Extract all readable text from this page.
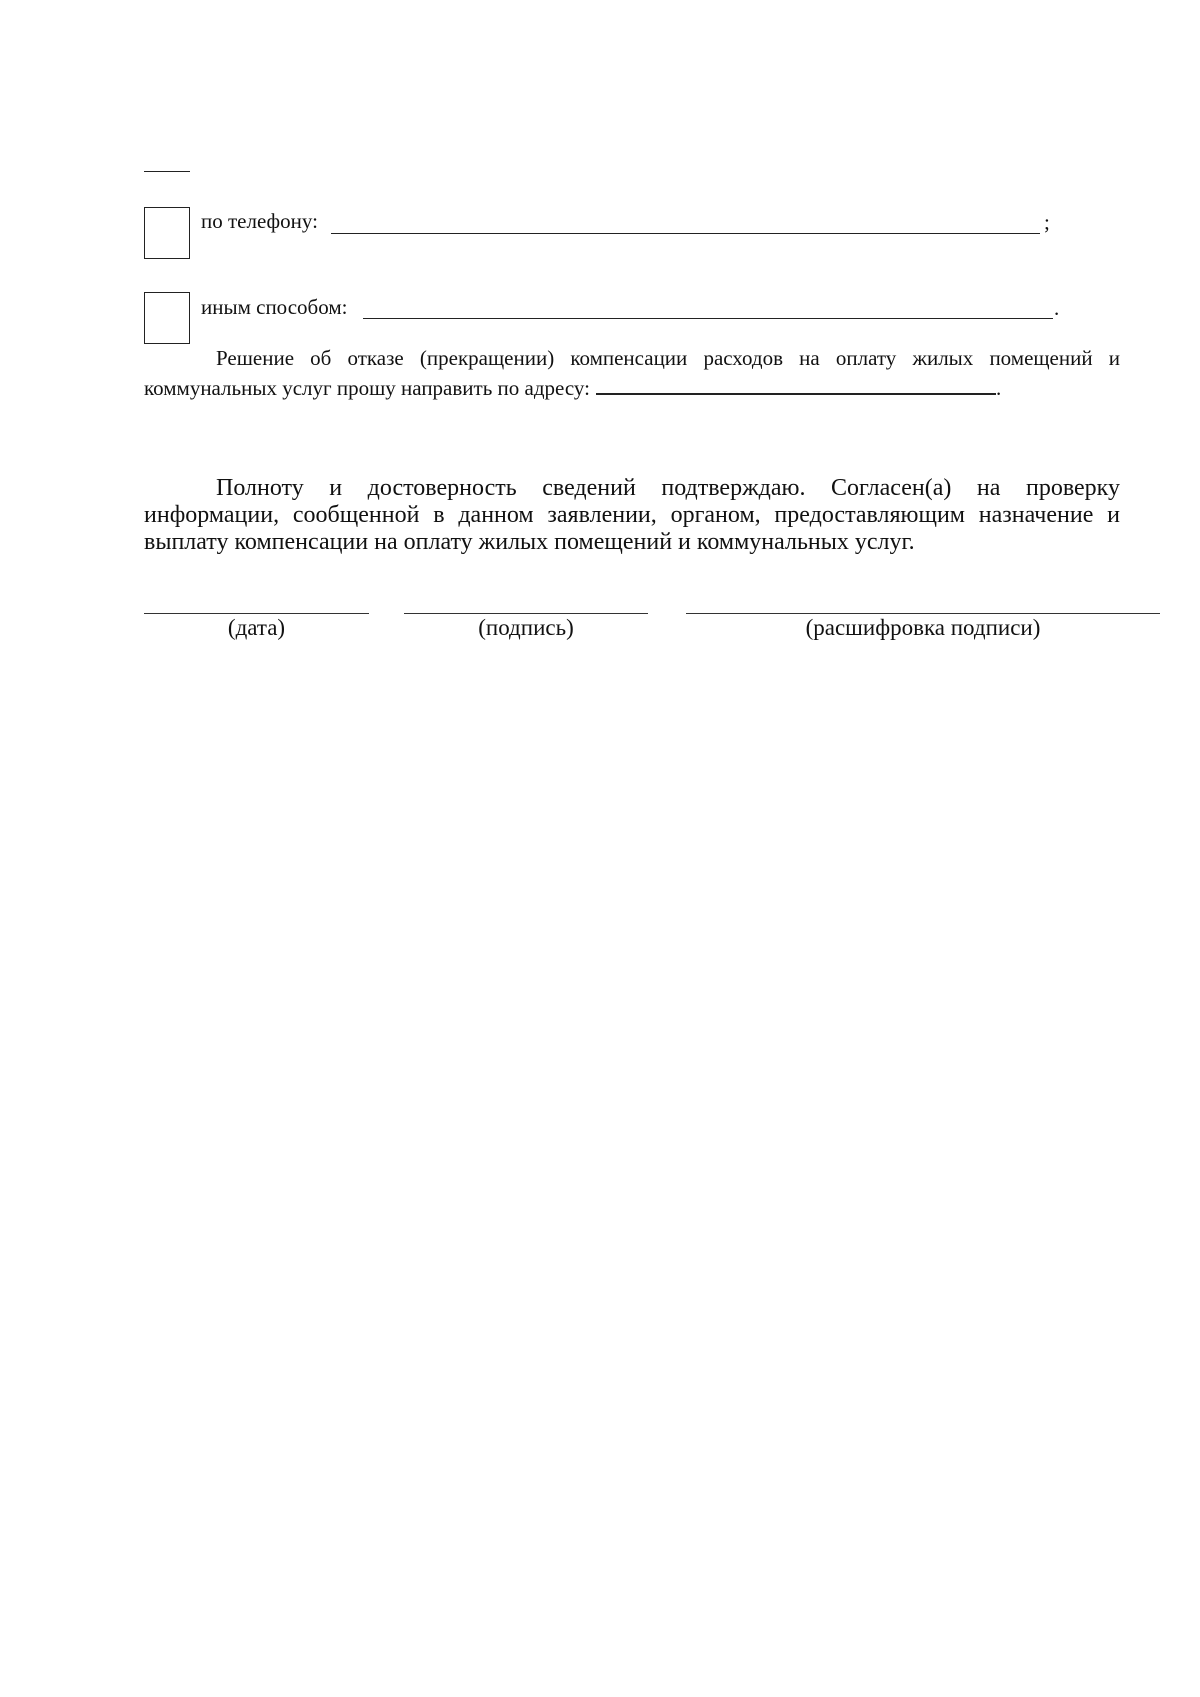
по телефону:	;
иным способом:	.
Решение об отказе (прекращении) компенсации расходов на оплату жилых помещений и коммунальных услуг прошу направить по адресу:	.
Полноту и достоверность сведений подтверждаю. Согласен(а) на проверку информации, сообщенной в данном заявлении, органом, предоставляющим назначение и выплату компенсации на оплату жилых помещений и коммунальных услуг.
(дата)	(подпись)	(расшифровка подписи)
